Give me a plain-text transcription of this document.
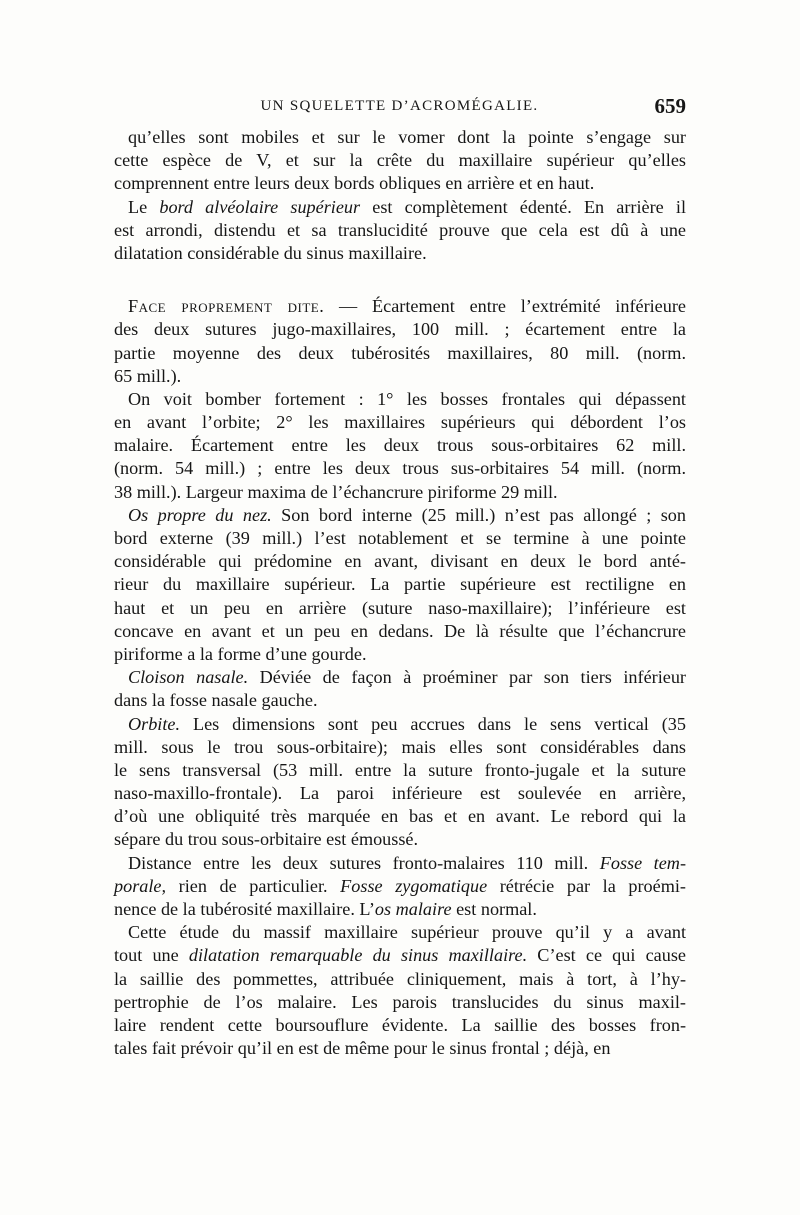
UN SQUELETTE D’ACROMÉGALIE.	659
qu’elles sont mobiles et sur le vomer dont la pointe s’engage sur
cette espèce de V, et sur la crête du maxillaire supérieur qu’elles
comprennent entre leurs deux bords obliques en arrière et en haut.
Le bord alvéolaire supérieur est complètement édenté. En arrière il
est arrondi, distendu et sa translucidité prouve que cela est dû à une
dilatation considérable du sinus maxillaire.
Face proprement dite. — Écartement entre l’extrémité inférieure
des deux sutures jugo-maxillaires, 100 mill. ; écartement entre la
partie moyenne des deux tubérosités maxillaires, 80 mill. (norm.
65 mill.).
On voit bomber fortement : 1° les bosses frontales qui dépassent
en avant l’orbite; 2° les maxillaires supérieurs qui débordent l’os
malaire. Écartement entre les deux trous sous-orbitaires 62 mill.
(norm. 54 mill.) ; entre les deux trous sus-orbitaires 54 mill. (norm.
38 mill.). Largeur maxima de l’échancrure piriforme 29 mill.
Os propre du nez. Son bord interne (25 mill.) n’est pas allongé ; son
bord externe (39 mill.) l’est notablement et se termine à une pointe
considérable qui prédomine en avant, divisant en deux le bord anté-
rieur du maxillaire supérieur. La partie supérieure est rectiligne en
haut et un peu en arrière (suture naso-maxillaire); l’inférieure est
concave en avant et un peu en dedans. De là résulte que l’échancrure
piriforme a la forme d’une gourde.
Cloison nasale. Déviée de façon à proéminer par son tiers inférieur
dans la fosse nasale gauche.
Orbite. Les dimensions sont peu accrues dans le sens vertical (35
mill. sous le trou sous-orbitaire); mais elles sont considérables dans
le sens transversal (53 mill. entre la suture fronto-jugale et la suture
naso-maxillo-frontale). La paroi inférieure est soulevée en arrière,
d’où une obliquité très marquée en bas et en avant. Le rebord qui la
sépare du trou sous-orbitaire est émoussé.
Distance entre les deux sutures fronto-malaires 110 mill. Fosse tem-
porale, rien de particulier. Fosse zygomatique rétrécie par la proémi-
nence de la tubérosité maxillaire. L’os malaire est normal.
Cette étude du massif maxillaire supérieur prouve qu’il y a avant
tout une dilatation remarquable du sinus maxillaire. C’est ce qui cause
la saillie des pommettes, attribuée cliniquement, mais à tort, à l’hy-
pertrophie de l’os malaire. Les parois translucides du sinus maxil-
laire rendent cette boursouflure évidente. La saillie des bosses fron-
tales fait prévoir qu’il en est de même pour le sinus frontal ; déjà, en
